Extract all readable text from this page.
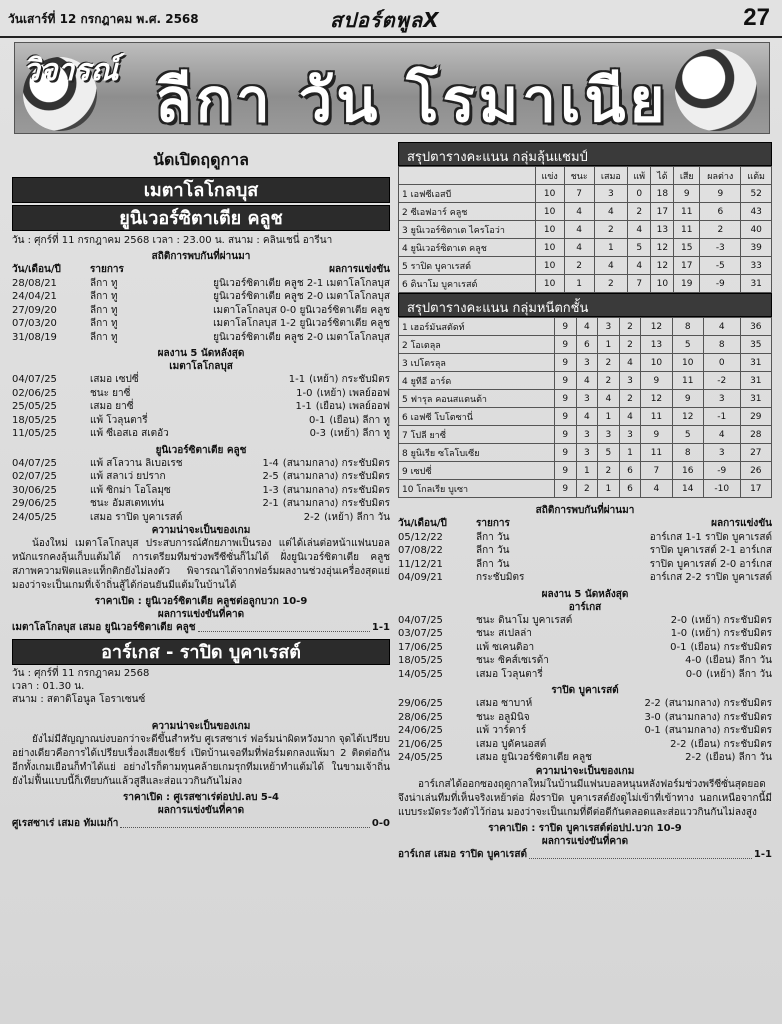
วันเสาร์ที่ 12 กรกฎาคม พ.ศ. 2568	สปอร์ตพูลX	27
วิจารณ์ ลีกา วัน โรมาเนีย
นัดเปิดฤดูกาล
เมตาโลโกลบุส
ยูนิเวอร์ซิตาเตีย คลูช
วัน : ศุกร์ที่ 11 กรกฎาคม 2568 เวลา : 23.00 น. สนาม : คลินเชนี่ อารีนา
สถิติการพบกันที่ผ่านมา
วัน/เดือน/ปี	รายการ	ผลการแข่งขัน
28/08/21	ลีกา ทู	ยูนิเวอร์ซิตาเตีย คลูช 2-1 เมตาโลโกลบุส
24/04/21	ลีกา ทู	ยูนิเวอร์ซิตาเตีย คลูช 2-0 เมตาโลโกลบุส
27/09/20	ลีกา ทู	เมตาโลโกลบุส 0-0 ยูนิเวอร์ซิตาเตีย คลูช
07/03/20	ลีกา ทู	เมตาโลโกลบุส 1-2 ยูนิเวอร์ซิตาเตีย คลูช
31/08/19	ลีกา ทู	ยูนิเวอร์ซิตาเตีย คลูช 2-0 เมตาโลโกลบุส
ผลงาน 5 นัดหลังสุด
เมตาโลโกลบุส
04/07/25	เสมอ เซปซี่	1-1 (เหย้า) กระชับมิตร
02/06/25	ชนะ ยาซี่	1-0 (เหย้า) เพลย์ออฟ
25/05/25	เสมอ ยาซี่	1-1 (เยือน) เพลย์ออฟ
18/05/25	แพ้ โวลุนตารี่	0-1 (เยือน) ลีกา ทู
11/05/25	แพ้ ซีเอสเอ สเตอัว	0-3 (เหย้า) ลีกา ทู
ยูนิเวอร์ซิตาเตีย คลูช
04/07/25	แพ้ สโลวาน ลิเบอเรช	1-4 (สนามกลาง) กระชับมิตร
02/07/25	แพ้ สลาเว่ ยปราก	2-5 (สนามกลาง) กระชับมิตร
30/06/25	แพ้ ซิกม่า โอโลมุซ	1-3 (สนามกลาง) กระชับมิตร
29/06/25	ชนะ อัมสเตทเท่น	2-1 (สนามกลาง) กระชับมิตร
24/05/25	เสมอ ราปิด บูคาเรสต์	2-2 (เหย้า) ลีกา วัน
ความน่าจะเป็นของเกม
น้องใหม่ เมตาโลโกลบุส ประสบการณ์ศักยภาพเป็นรอง แต่ได้เล่นต่อหน้าแฟนบอลหนักแรกคงลุ้นเก็บแต้มได้ การเตรียมทีมช่วงพรีซีซั่นก็ไม่ได้ ฝั่งยูนิเวอร์ซิตาเตีย คลูช สภาพความฟิตและแท็กติกยังไม่ลงตัว พิจารณาได้จากฟอร์มผลงานช่วงอุ่นเครื่องสุดแย่ มองว่าจะเป็นเกมที่เจ้าถิ่นสู้ได้ก่อนยันมีแต้มในบ้านได้
ราคาเปิด : ยูนิเวอร์ซิตาเตีย คลูชต่อลูกบวก 10-9
ผลการแข่งขันที่คาด
เมตาโลโกลบุส เสมอ ยูนิเวอร์ซิตาเตีย คลูช	1-1
อาร์เกส - ราปิด บูคาเรสต์
วัน : ศุกร์ที่ 11 กรกฎาคม 2568
เวลา : 01.30 น.
สนาม : สตาดิโอนูล โอราเซนซ์
ความน่าจะเป็นของเกม
ยังไม่มีสัญญาณบ่งบอกว่าจะดีขึ้นสำหรับ ศูเรสซาเร่ ฟอร์มน่าผิดหวังมาก จุดได้เปรียบอย่างเดียวคือการได้เปรียบเรื่องเสียงเชียร์ เปิดบ้านเจอทีมที่ฟอร์มตกลงแพ้มา 2 ติดต่อกัน อีกทั้งเกมเยือนก็ทำได้แย่ อย่างไรก็ตามทุนคล้ายเกมรุกทีมเหย้าทำแต้มได้ ในขามเจ้าถิ่นยังไม่ฟื้นแบบนี้ก็เทียบกันแล้วสูสีและส่อแววกินกันไม่ลง
ราคาเปิด : ศูเรสซาเร่ต่อปป.ลบ 5-4
ผลการแข่งขันที่คาด
ศูเรสซาเร่ เสมอ ทัมเมก้า	0-0
สรุปตารางคะแนน กลุ่มลุ้นแชมป์
	แข่ง	ชนะ	เสมอ	แพ้	ได้	เสีย	ผลต่าง	แต้ม
1 เอฟซีเอสบี	10	7	3	0	18	9	9	52
2 ซีเอฟอาร์ คลูช	10	4	4	2	17	11	6	43
3 ยูนิเวอร์ซิตาเต ไครโอว่า	10	4	2	4	13	11	2	40
4 ยูนิเวอร์ซิตาเต คลูช	10	4	1	5	12	15	-3	39
5 ราปิด บูคาเรสต์	10	2	4	4	12	17	-5	33
6 ดินาโม บูคาเรสต์	10	1	2	7	10	19	-9	31
สรุปตารางคะแนน กลุ่มหนีตกชั้น
1 เฮอร์มันสตัดท์	9	4	3	2	12	8	4	36
2 โอเตลุล	9	6	1	2	13	5	8	35
3 เปโตรลุล	9	3	2	4	10	10	0	31
4 ยูทีอี อาร์ด	9	4	2	3	9	11	-2	31
5 ฟารุล คอนสแตนต้า	9	3	4	2	12	9	3	31
6 เอฟซี โบโตซานี่	9	4	1	4	11	12	-1	29
7 โปลี ยาซี่	9	3	3	3	9	5	4	28
8 ยูนิเรีย ซโลโบเซีย	9	3	5	1	11	8	3	27
9 เซปซี่	9	1	2	6	7	16	-9	26
10 โกลเรีย บูเซา	9	2	1	6	4	14	-10	17
สถิติการพบกันที่ผ่านมา
วัน/เดือน/ปี	รายการ	ผลการแข่งขัน
05/12/22	ลีกา วัน	อาร์เกส 1-1 ราปิด บูคาเรสต์
07/08/22	ลีกา วัน	ราปิด บูคาเรสต์ 2-1 อาร์เกส
11/12/21	ลีกา วัน	ราปิด บูคาเรสต์ 2-0 อาร์เกส
04/09/21	กระชับมิตร	อาร์เกส 2-2 ราปิด บูคาเรสต์
ผลงาน 5 นัดหลังสุด
อาร์เกส
04/07/25	ชนะ ดินาโม บูคาเรสต์	2-0 (เหย้า) กระชับมิตร
03/07/25	ชนะ สเปลล่า	1-0 (เหย้า) กระชับมิตร
17/06/25	แพ้ ซเคนดิอา	0-1 (เยือน) กระชับมิตร
18/05/25	ชนะ ซิคส์เซเรด้า	4-0 (เยือน) ลีกา วัน
14/05/25	เสมอ โวลุนตารี่	0-0 (เหย้า) ลีกา วัน
ราปิด บูคาเรสต์
29/06/25	เสมอ ซาบาห์	2-2 (สนามกลาง) กระชับมิตร
28/06/25	ชนะ อลูมินิจ	3-0 (สนามกลาง) กระชับมิตร
24/06/25	แพ้ วาร์ดาร์	0-1 (สนามกลาง) กระชับมิตร
21/06/25	เสมอ บูดัคนอสต์	2-2 (เยือน) กระชับมิตร
24/05/25	เสมอ ยูนิเวอร์ซิตาเตีย คลูช	2-2 (เยือน) ลีกา วัน
ความน่าจะเป็นของเกม
อาร์เกสได้ออกซองฤดูกาลใหม่ในบ้านมีแฟนบอลหนุนหลังฟอร์มช่วงพรีซีซั่นสุดยอด จึงน่าเล่นทีมที่เห็นจริงเหย้าต่อ ฝั่งราปิด บูคาเรสต์ยังดูไม่เข้าที่เข้าทาง นอกเหนือจากนี้มีแบบระมัดระวังตัวไว้ก่อน มองว่าจะเป็นเกมที่ดีต่อดีกันตลอดและส่อแววกินกันไม่ลงสูง
ราคาเปิด : ราปิด บูคาเรสต์ต่อปป.บวก 10-9
ผลการแข่งขันที่คาด
อาร์เกส เสมอ ราปิด บูคาเรสต์	1-1
